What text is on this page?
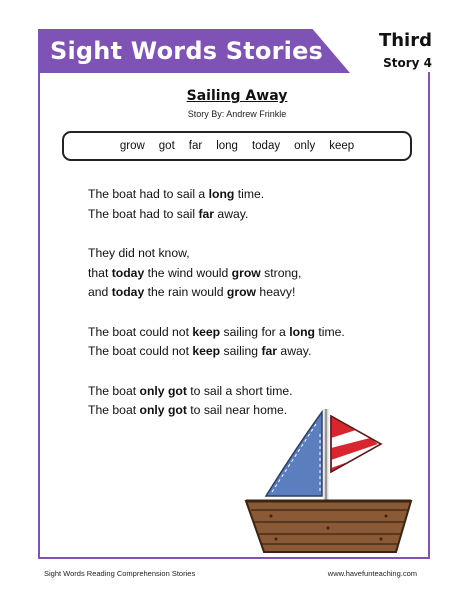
Sight Words Stories	Third
Story 4
Sailing Away
Story By: Andrew Frinkle
grow got far long today only keep
The boat had to sail a long time.
The boat had to sail far away.
They did not know,
that today the wind would grow strong,
and today the rain would grow heavy!
The boat could not keep sailing for a long time.
The boat could not keep sailing far away.
The boat only got to sail a short time.
The boat only got to sail near home.
Sight Words Reading Comprehension Stories	www.havefunteaching.com
